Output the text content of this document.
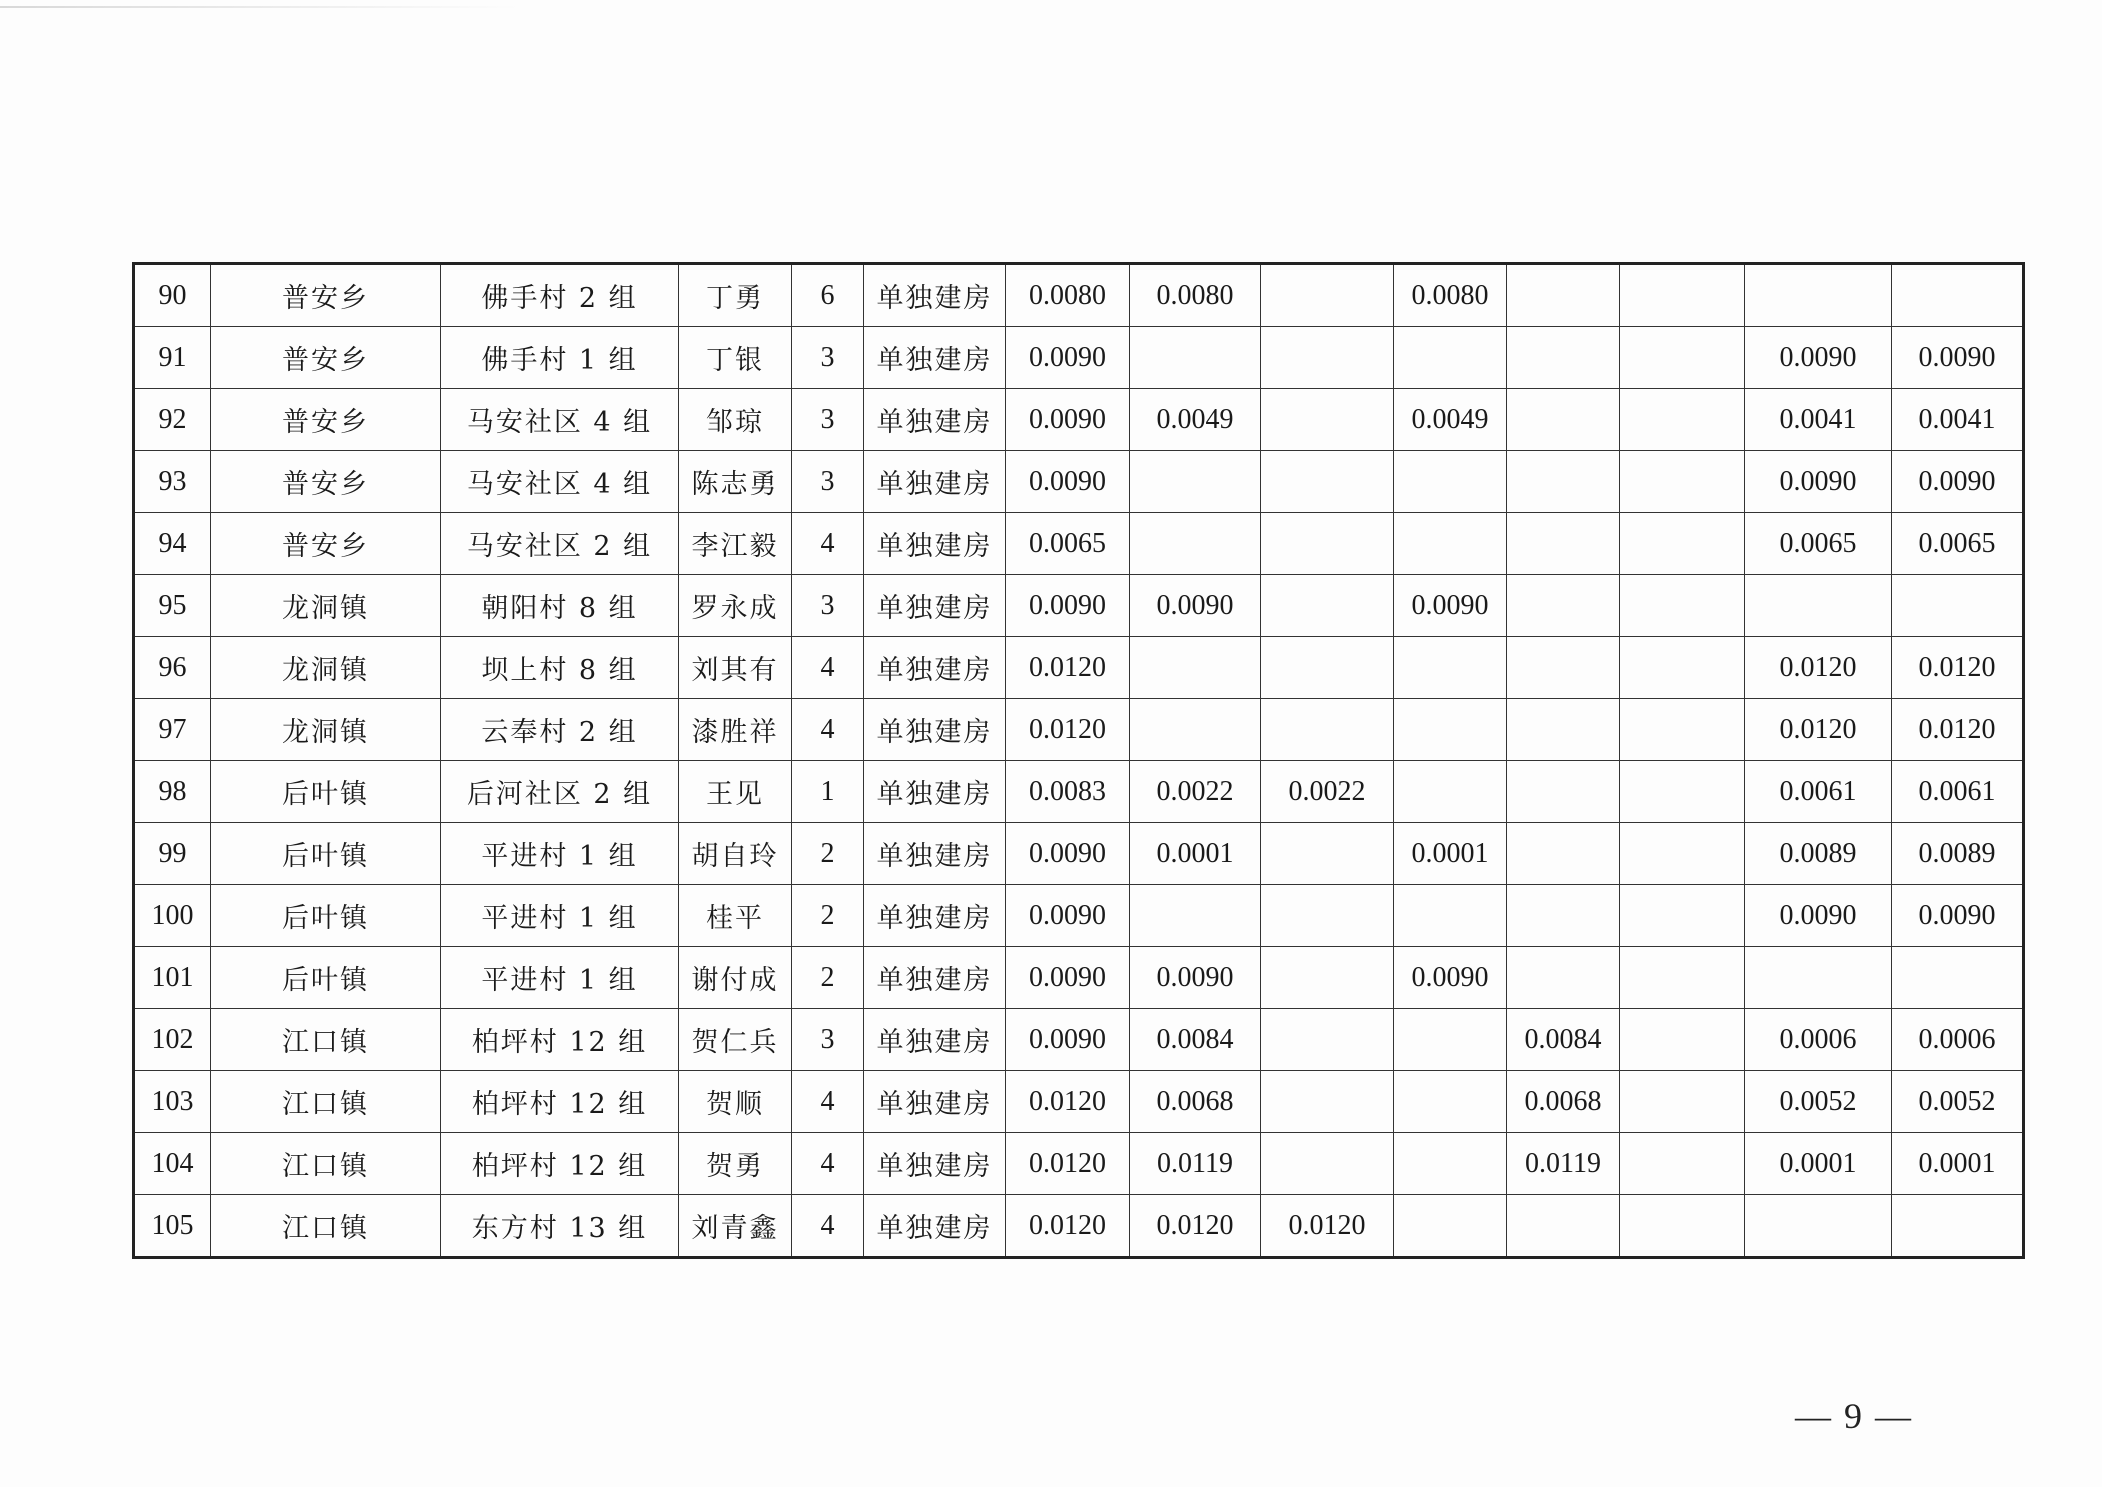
90	普安乡	佛手村 2 组	丁勇	6	单独建房	0.0080	0.0080		0.0080				
91	普安乡	佛手村 1 组	丁银	3	单独建房	0.0090						0.0090	0.0090
92	普安乡	马安社区 4 组	邹琼	3	单独建房	0.0090	0.0049		0.0049			0.0041	0.0041
93	普安乡	马安社区 4 组	陈志勇	3	单独建房	0.0090						0.0090	0.0090
94	普安乡	马安社区 2 组	李江毅	4	单独建房	0.0065						0.0065	0.0065
95	龙洞镇	朝阳村 8 组	罗永成	3	单独建房	0.0090	0.0090		0.0090				
96	龙洞镇	坝上村 8 组	刘其有	4	单独建房	0.0120						0.0120	0.0120
97	龙洞镇	云奉村 2 组	漆胜祥	4	单独建房	0.0120						0.0120	0.0120
98	后叶镇	后河社区 2 组	王见	1	单独建房	0.0083	0.0022	0.0022				0.0061	0.0061
99	后叶镇	平进村 1 组	胡自玲	2	单独建房	0.0090	0.0001		0.0001			0.0089	0.0089
100	后叶镇	平进村 1 组	桂平	2	单独建房	0.0090						0.0090	0.0090
101	后叶镇	平进村 1 组	谢付成	2	单独建房	0.0090	0.0090		0.0090				
102	江口镇	柏坪村 12 组	贺仁兵	3	单独建房	0.0090	0.0084			0.0084		0.0006	0.0006
103	江口镇	柏坪村 12 组	贺顺	4	单独建房	0.0120	0.0068			0.0068		0.0052	0.0052
104	江口镇	柏坪村 12 组	贺勇	4	单独建房	0.0120	0.0119			0.0119		0.0001	0.0001
105	江口镇	东方村 13 组	刘青鑫	4	单独建房	0.0120	0.0120	0.0120					
— 9 —
